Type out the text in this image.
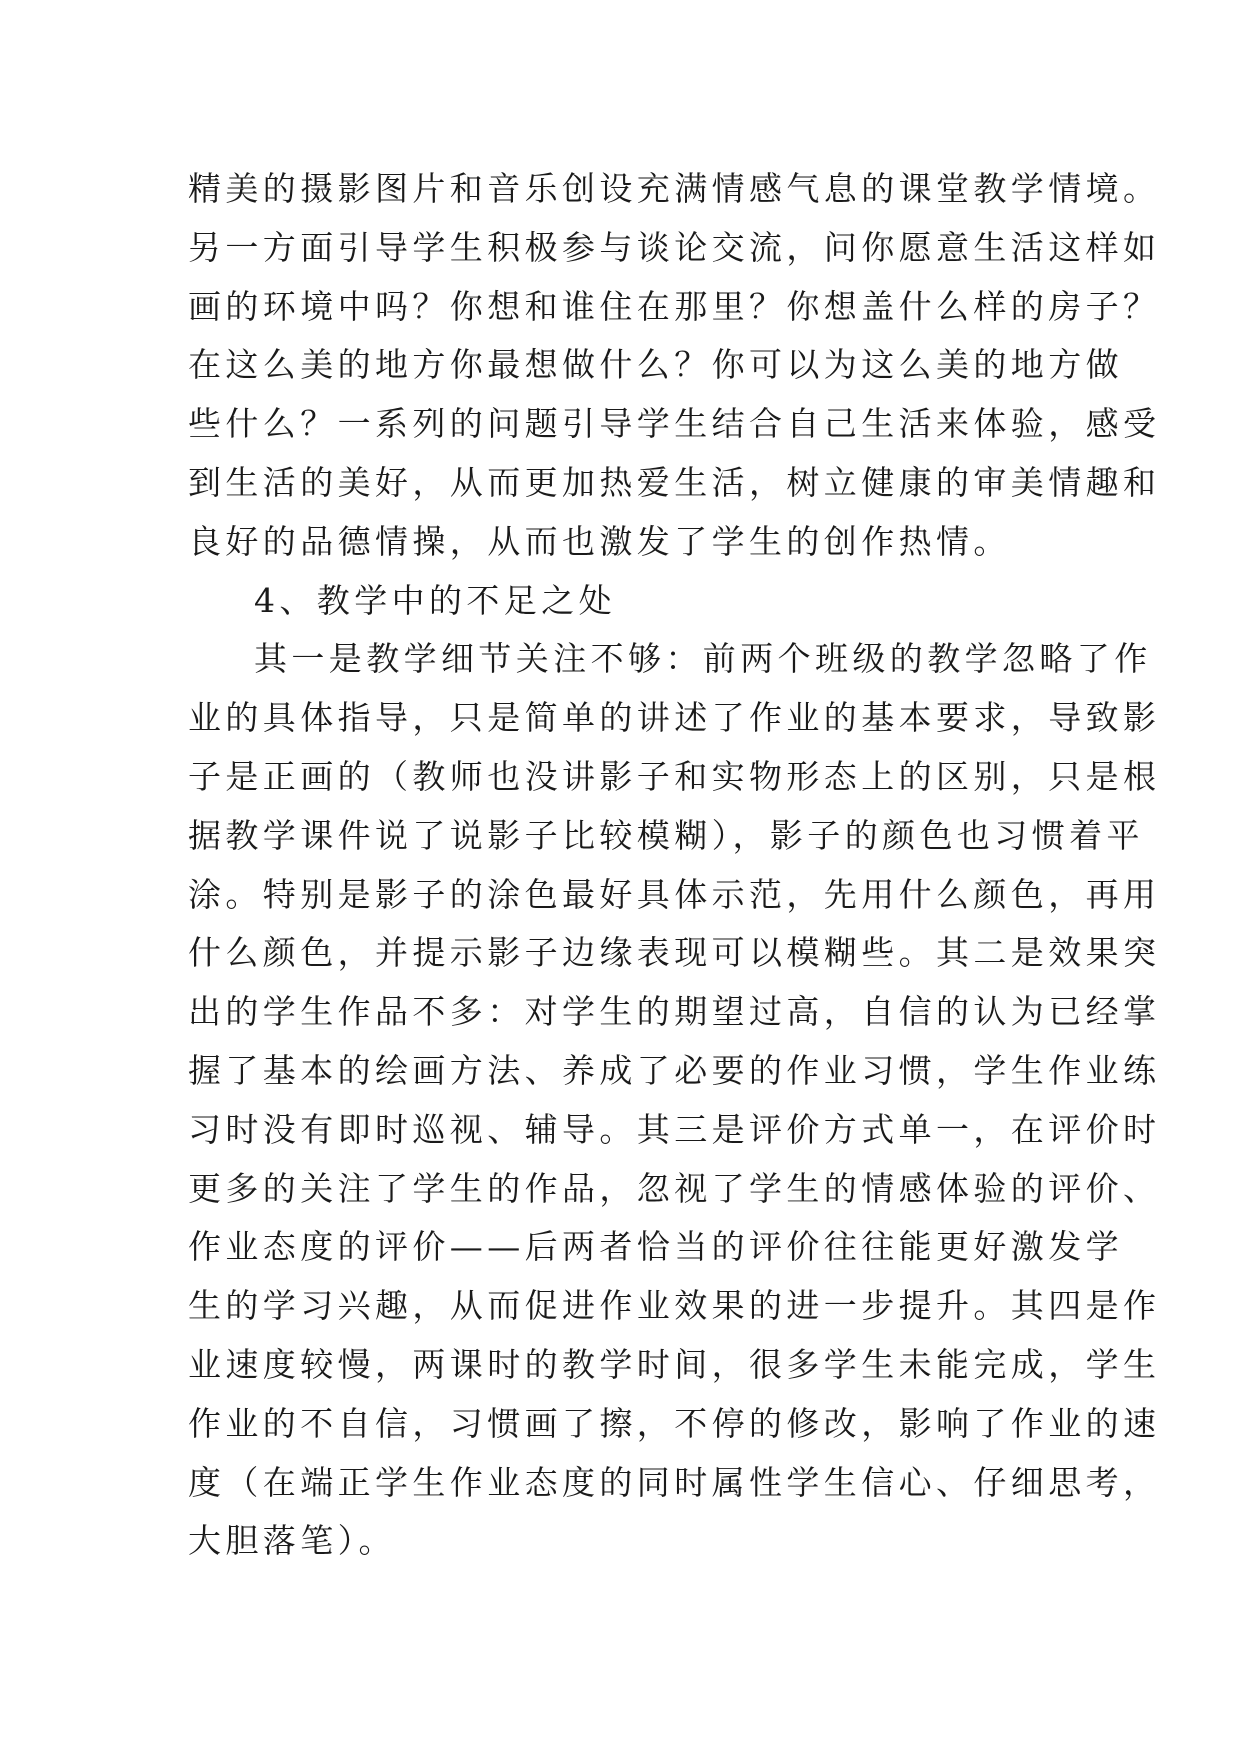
精美的摄影图片和音乐创设充满情感气息的课堂教学情境。
另一方面引导学生积极参与谈论交流，问你愿意生活这样如
画的环境中吗？你想和谁住在那里？你想盖什么样的房子？
在这么美的地方你最想做什么？你可以为这么美的地方做
些什么？一系列的问题引导学生结合自己生活来体验，感受
到生活的美好，从而更加热爱生活，树立健康的审美情趣和
良好的品德情操，从而也激发了学生的创作热情。
4、教学中的不足之处
其一是教学细节关注不够：前两个班级的教学忽略了作
业的具体指导，只是简单的讲述了作业的基本要求，导致影
子是正画的（教师也没讲影子和实物形态上的区别，只是根
据教学课件说了说影子比较模糊），影子的颜色也习惯着平
涂。特别是影子的涂色最好具体示范，先用什么颜色，再用
什么颜色，并提示影子边缘表现可以模糊些。其二是效果突
出的学生作品不多：对学生的期望过高，自信的认为已经掌
握了基本的绘画方法、养成了必要的作业习惯，学生作业练
习时没有即时巡视、辅导。其三是评价方式单一，在评价时
更多的关注了学生的作品，忽视了学生的情感体验的评价、
作业态度的评价——后两者恰当的评价往往能更好激发学
生的学习兴趣，从而促进作业效果的进一步提升。其四是作
业速度较慢，两课时的教学时间，很多学生未能完成，学生
作业的不自信，习惯画了擦，不停的修改，影响了作业的速
度（在端正学生作业态度的同时属性学生信心、仔细思考，
大胆落笔）。
